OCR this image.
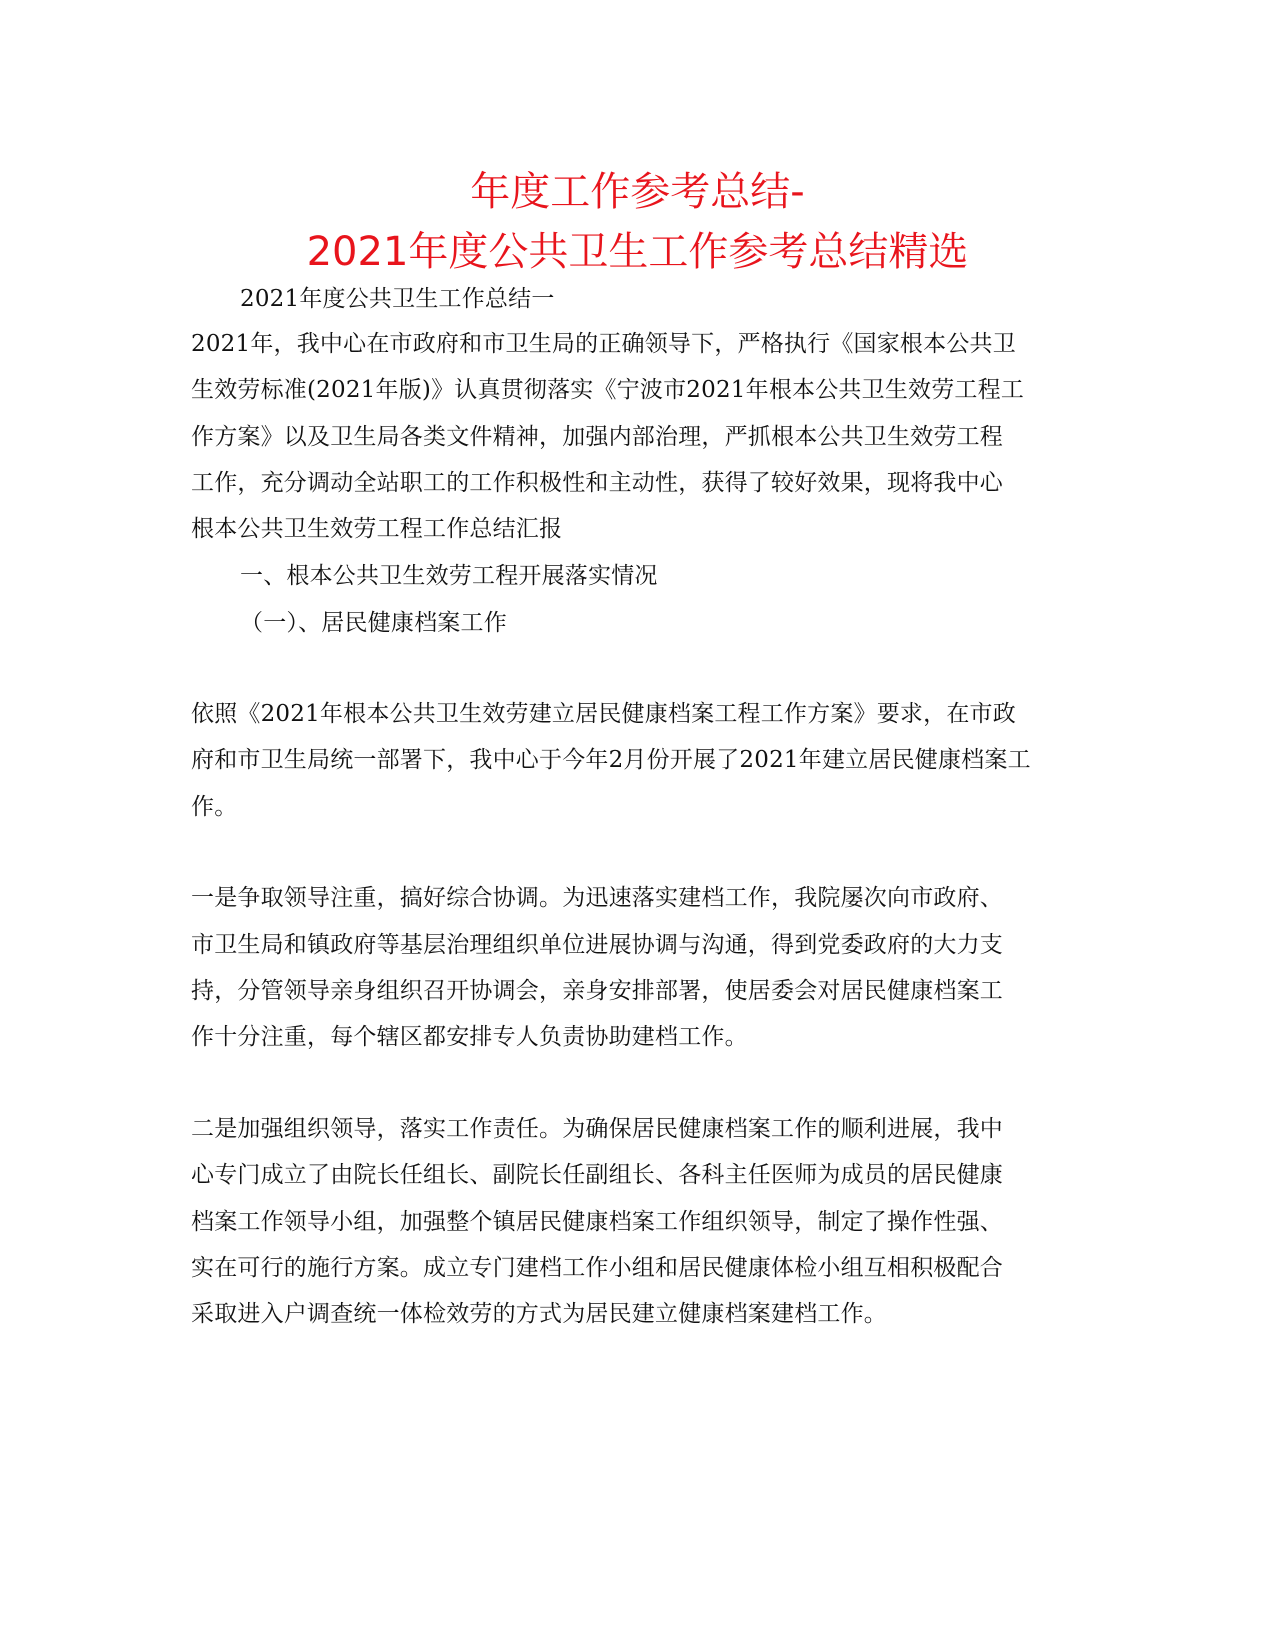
年度工作参考总结-
2021年度公共卫生工作参考总结精选
2021年度公共卫生工作总结一
2021年，我中心在市政府和市卫生局的正确领导下，严格执行《国家根本公共卫
生效劳标准(2021年版)》认真贯彻落实《宁波市2021年根本公共卫生效劳工程工
作方案》以及卫生局各类文件精神，加强内部治理，严抓根本公共卫生效劳工程
工作，充分调动全站职工的工作积极性和主动性，获得了较好效果，现将我中心
根本公共卫生效劳工程工作总结汇报
一、根本公共卫生效劳工程开展落实情况
（一）、居民健康档案工作
依照《2021年根本公共卫生效劳建立居民健康档案工程工作方案》要求，在市政
府和市卫生局统一部署下，我中心于今年2月份开展了2021年建立居民健康档案工
作。
一是争取领导注重，搞好综合协调。为迅速落实建档工作，我院屡次向市政府、
市卫生局和镇政府等基层治理组织单位进展协调与沟通，得到党委政府的大力支
持，分管领导亲身组织召开协调会，亲身安排部署，使居委会对居民健康档案工
作十分注重，每个辖区都安排专人负责协助建档工作。
二是加强组织领导，落实工作责任。为确保居民健康档案工作的顺利进展，我中
心专门成立了由院长任组长、副院长任副组长、各科主任医师为成员的居民健康
档案工作领导小组，加强整个镇居民健康档案工作组织领导，制定了操作性强、
实在可行的施行方案。成立专门建档工作小组和居民健康体检小组互相积极配合
采取进入户调查统一体检效劳的方式为居民建立健康档案建档工作。
